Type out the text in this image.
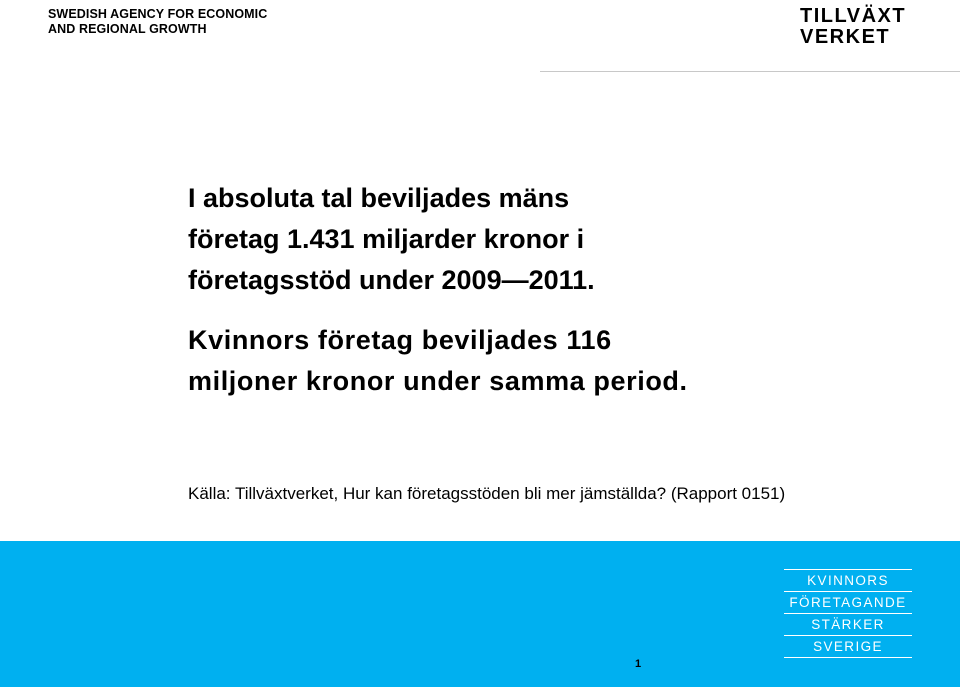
SWEDISH AGENCY FOR ECONOMIC
AND REGIONAL GROWTH
TILLVÄXT
VERKET
I absoluta tal beviljades mäns
företag 1.431 miljarder kronor i
företagsstöd under 2009—2011.
Kvinnors företag beviljades 116
miljoner kronor under samma period.
Källa: Tillväxtverket, Hur kan företagsstöden bli mer jämställda? (Rapport 0151)
1
KVINNORS
FÖRETAGANDE
STÄRKER
SVERIGE
